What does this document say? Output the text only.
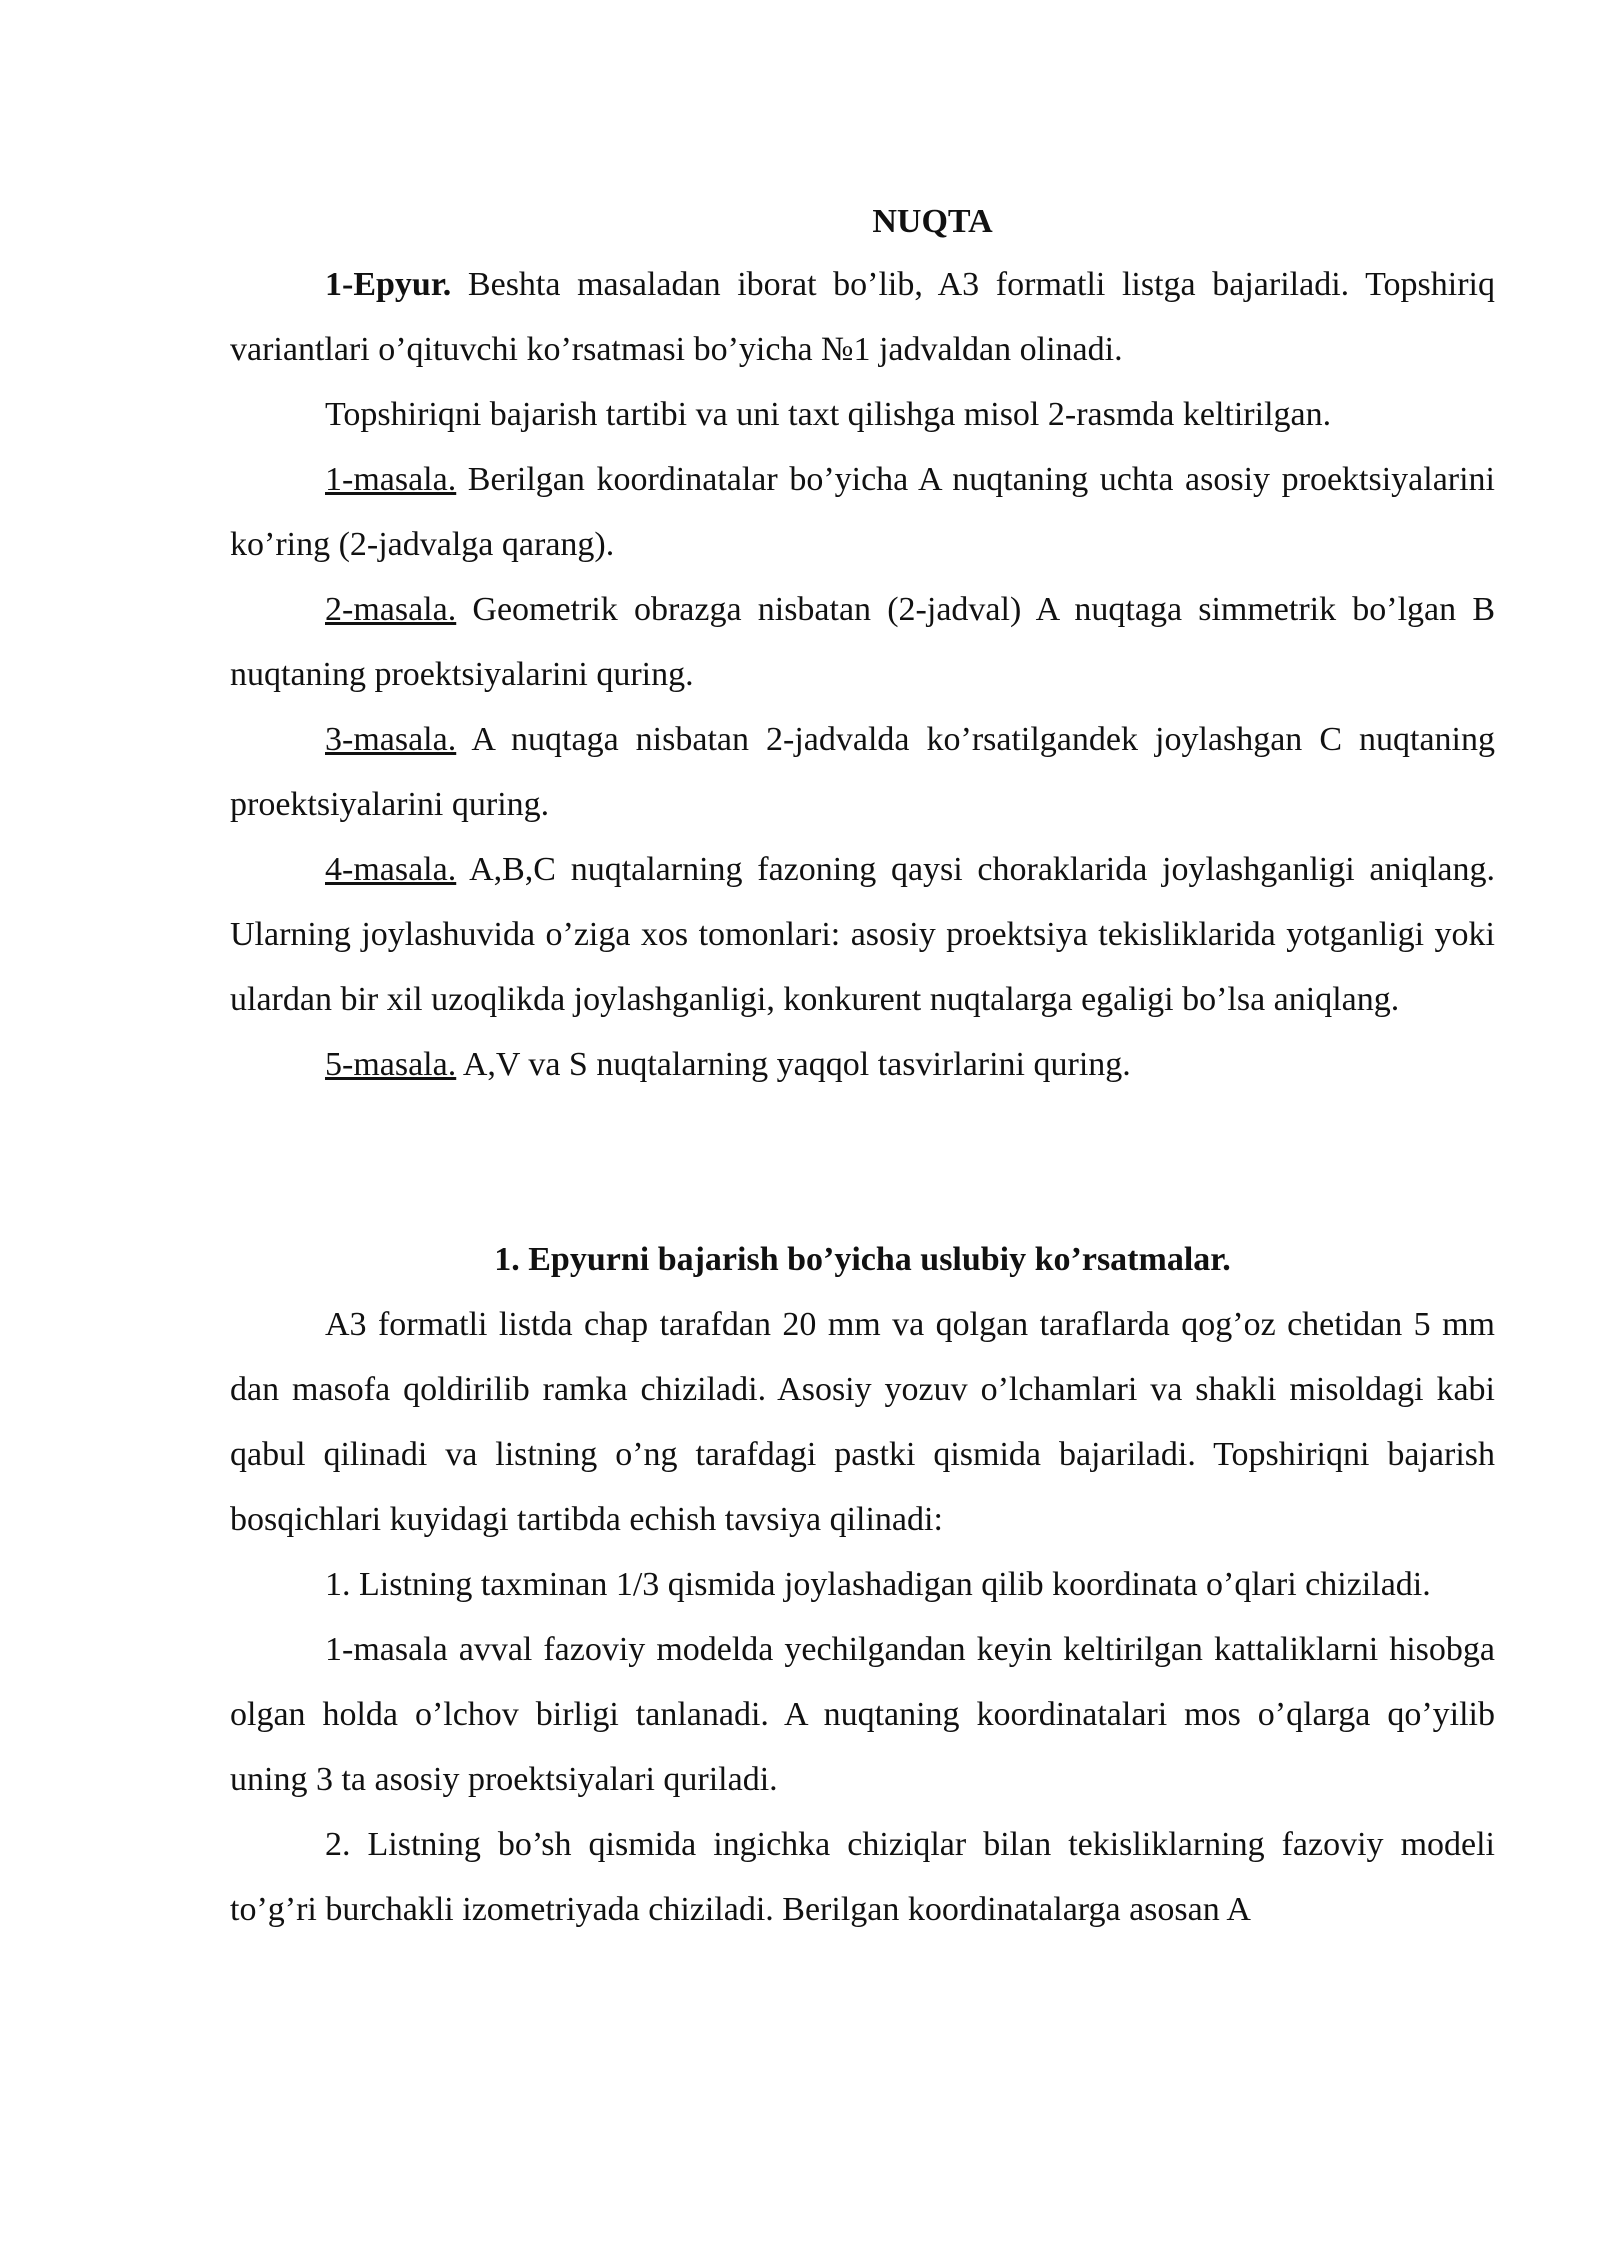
NUQTA

1-Epyur. Beshta masaladan iborat bo’lib, A3 formatli listga bajariladi. Topshiriq variantlari o’qituvchi ko’rsatmasi bo’yicha №1 jadvaldan olinadi.

Topshiriqni bajarish tartibi va uni taxt qilishga misol 2-rasmda keltirilgan.

1-masala. Berilgan koordinatalar bo’yicha A nuqtaning uchta asosiy proektsiyalarini ko’ring (2-jadvalga qarang).

2-masala. Geometrik obrazga nisbatan (2-jadval) A nuqtaga simmetrik bo’lgan B nuqtaning proektsiyalarini quring.

3-masala. A nuqtaga nisbatan 2-jadvalda ko’rsatilgandek joylashgan C nuqtaning proektsiyalarini quring.

4-masala. A,B,C nuqtalarning fazoning qaysi choraklarida joylashganligi aniqlang. Ularning joylashuvida o’ziga xos tomonlari: asosiy proektsiya tekisliklarida yotganligi yoki ulardan bir xil uzoqlikda joylashganligi, konkurent nuqtalarga egaligi bo’lsa aniqlang.

5-masala. A,V va S nuqtalarning yaqqol tasvirlarini quring.

1. Epyurni bajarish bo’yicha uslubiy ko’rsatmalar.

A3 formatli listda chap tarafdan 20 mm va qolgan taraflarda qog’oz chetidan 5 mm dan masofa qoldirilib ramka chiziladi. Asosiy yozuv o’lchamlari va shakli misoldagi kabi qabul qilinadi va listning o’ng tarafdagi pastki qismida bajariladi. Topshiriqni bajarish bosqichlari kuyidagi tartibda echish tavsiya qilinadi:

1. Listning taxminan 1/3 qismida joylashadigan qilib koordinata o’qlari chiziladi.

1-masala avval fazoviy modelda yechilgandan keyin keltirilgan kattaliklarni hisobga olgan holda o’lchov birligi tanlanadi. A nuqtaning koordinatalari mos o’qlarga qo’yilib uning 3 ta asosiy proektsiyalari quriladi.

2. Listning bo’sh qismida ingichka chiziqlar bilan tekisliklarning fazoviy modeli to’g’ri burchakli izometriyada chiziladi. Berilgan koordinatalarga asosan A
